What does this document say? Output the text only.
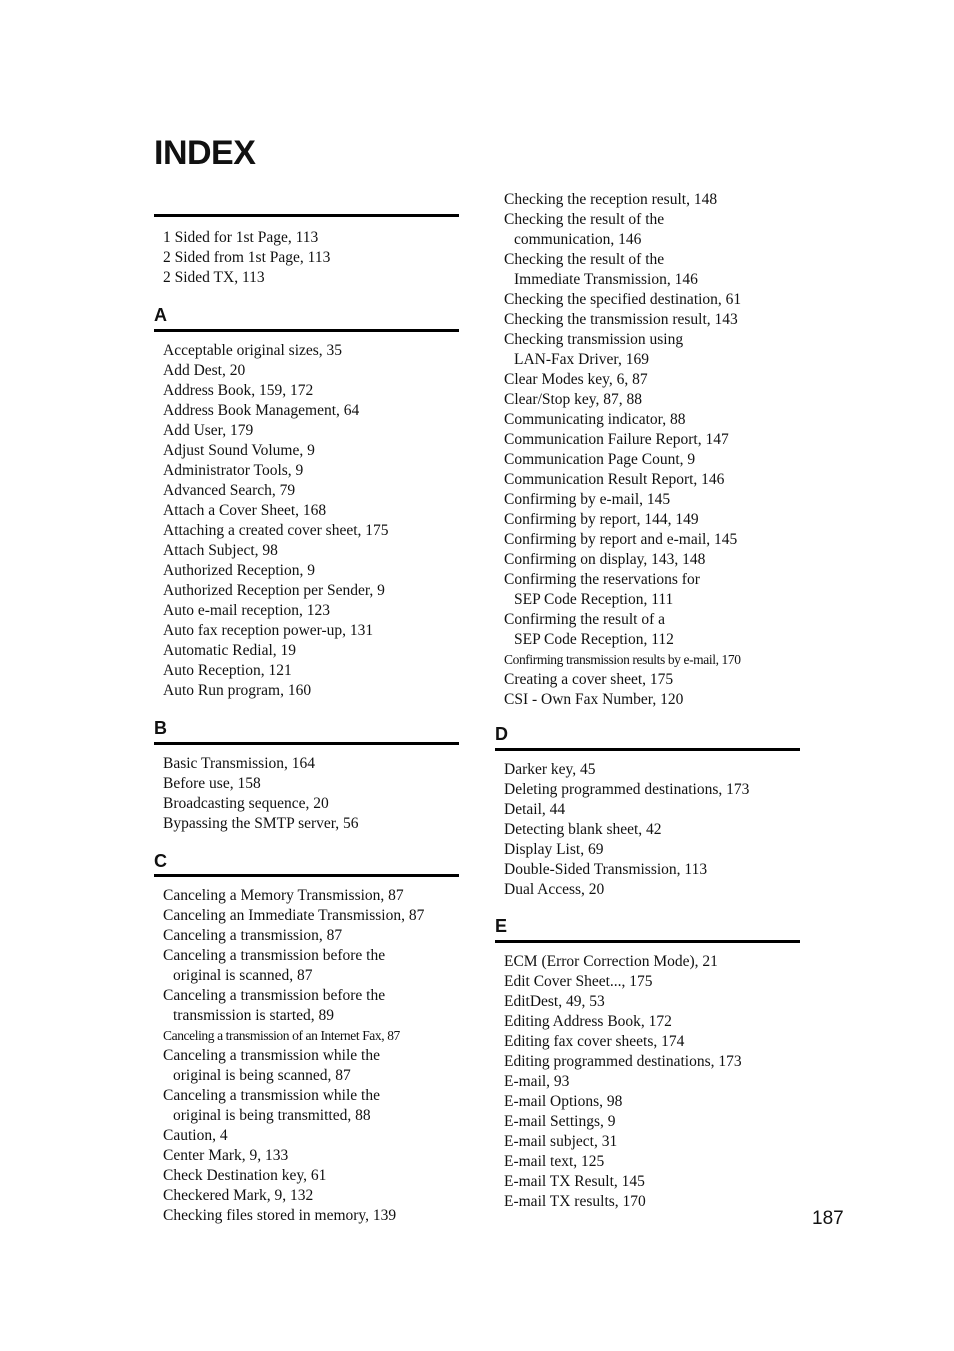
INDEX
1 Sided for 1st Page, 113
2 Sided from 1st Page, 113
2 Sided TX, 113
A
Acceptable original sizes, 35
Add Dest, 20
Address Book, 159, 172
Address Book Management, 64
Add User, 179
Adjust Sound Volume, 9
Administrator Tools, 9
Advanced Search, 79
Attach a Cover Sheet, 168
Attaching a created cover sheet, 175
Attach Subject, 98
Authorized Reception, 9
Authorized Reception per Sender, 9
Auto e-mail reception, 123
Auto fax reception power-up, 131
Automatic Redial, 19
Auto Reception, 121
Auto Run program, 160
B
Basic Transmission, 164
Before use, 158
Broadcasting sequence, 20
Bypassing the SMTP server, 56
C
Canceling a Memory Transmission, 87
Canceling an Immediate Transmission, 87
Canceling a transmission, 87
Canceling a transmission before the
original is scanned, 87
Canceling a transmission before the
transmission is started, 89
Canceling a transmission of an Internet Fax, 87
Canceling a transmission while the
original is being scanned, 87
Canceling a transmission while the
original is being transmitted, 88
Caution, 4
Center Mark, 9, 133
Check Destination key, 61
Checkered Mark, 9, 132
Checking files stored in memory, 139
Checking the reception result, 148
Checking the result of the
communication, 146
Checking the result of the
Immediate Transmission, 146
Checking the specified destination, 61
Checking the transmission result, 143
Checking transmission using
LAN-Fax Driver, 169
Clear Modes key, 6, 87
Clear/Stop key, 87, 88
Communicating indicator, 88
Communication Failure Report, 147
Communication Page Count, 9
Communication Result Report, 146
Confirming by e-mail, 145
Confirming by report, 144, 149
Confirming by report and e-mail, 145
Confirming on display, 143, 148
Confirming the reservations for
SEP Code Reception, 111
Confirming the result of a
SEP Code Reception, 112
Confirming transmission results by e-mail, 170
Creating a cover sheet, 175
CSI - Own Fax Number, 120
D
Darker key, 45
Deleting programmed destinations, 173
Detail, 44
Detecting blank sheet, 42
Display List, 69
Double-Sided Transmission, 113
Dual Access, 20
E
ECM (Error Correction Mode), 21
Edit Cover Sheet..., 175
EditDest, 49, 53
Editing Address Book, 172
Editing fax cover sheets, 174
Editing programmed destinations, 173
E-mail, 93
E-mail Options, 98
E-mail Settings, 9
E-mail subject, 31
E-mail text, 125
E-mail TX Result, 145
E-mail TX results, 170
187
